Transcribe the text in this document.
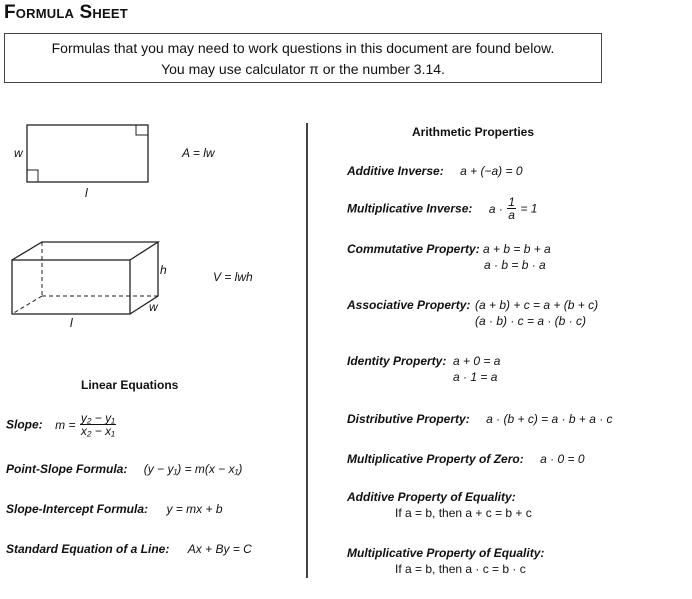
Formula Sheet
Formulas that you may need to work questions in this document are found below.
You may use calculator π or the number 3.14.
w
l
A = lw
h
w
l
V = lwh
Linear Equations
Slope: $m = \frac{\text{y₂ − y₁}}{\text{x₂ − x₁}}$
Point-Slope Formula: (y − y₁) = m(x − x₁)
Slope-Intercept Formula: y = mx + b
Standard Equation of a Line: Ax + By = C
Arithmetic Properties
Additive Inverse: a + (−a) = 0
Multiplicative Inverse: $a \cdot \frac{1}{a} = 1$
Commutative Property: a + b = b + a
a · b = b · a
Associative Property: (a + b) + c = a + (b + c)
(a · b) · c = a · (b · c)
Identity Property: a + 0 = a
a · 1 = a
Distributive Property: a · (b + c) = a · b + a · c
Multiplicative Property of Zero: a · 0 = 0
Additive Property of Equality:
If a = b, then a + c = b + c
Multiplicative Property of Equality:
If a = b, then a · c = b · c
